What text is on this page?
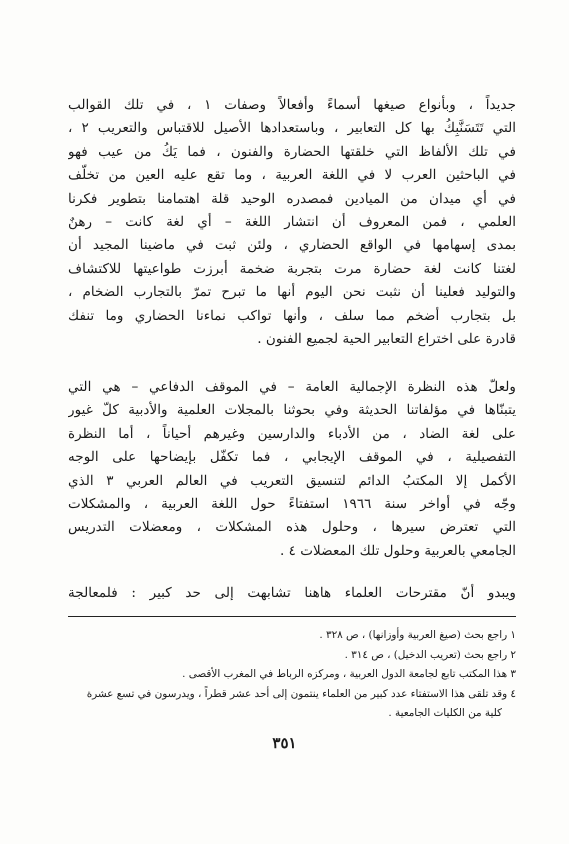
جديداً ، وبأنواع صيغها أسماءً وأفعالاً وصفات ١ ، في تلك القوالب
التي تَتَسَنَّبِكُ بها كل التعابير ، وباستعدادها الأصيل للاقتباس والتعريب ٢ ،
في تلك الألفاظ التي خلقتها الحضارة والفنون ، فما يَكُ من عيب فهو
في الباحثين العرب لا في اللغة العربية ، وما تقع عليه العين من تخلّف
في أي ميدان من الميادين فمصدره الوحيد قلة اهتمامنا بتطوير فكرنا
العلمي ، فمن المعروف أن انتشار اللغة – أي لغة كانت – رهنٌ
بمدى إسهامها في الواقع الحضاري ، ولئن ثبت في ماضينا المجيد أن
لغتنا كانت لغة حضارة مرت بتجربة ضخمة أبرزت طواعيتها للاكتشاف
والتوليد فعلينا أن نثبت نحن اليوم أنها ما تبرح تمرّ بالتجارب الضخام ،
بل بتجارب أضخم مما سلف ، وأنها تواكب نماءنا الحضاري وما تنفك
قادرة على اختراع التعابير الحية لجميع الفنون .
ولعلّ هذه النظرة الإجمالية العامة – في الموقف الدفاعي – هي التي
يتبنّاها في مؤلفاتنا الحديثة وفي بحوثنا بالمجلات العلمية والأدبية كلّ غيور
على لغة الضاد ، من الأدباء والدارسين وغيرهم أحياناً ، أما النظرة
التفصيلية ، في الموقف الإيجابي ، فما تكفّل بإيضاحها على الوجه
الأكمل إلا المكتبُ الدائم لتنسيق التعريب في العالم العربي ٣ الذي
وجّه في أواخر سنة ١٩٦٦ استفتاءً حول اللغة العربية ، والمشكلات
التي تعترض سيرها ، وحلول هذه المشكلات ، ومعضلات التدريس
الجامعي بالعربية وحلول تلك المعضلات ٤ .
ويبدو أنّ مقترحات العلماء هاهنا تشابهت إلى حد كبير : فلمعالجة
١ راجع بحث (صيغ العربية وأوزانها) ، ص ٣٢٨ .
٢ راجع بحث (تعريب الدخيل) ، ص ٣١٤ .
٣ هذا المكتب تابع لجامعة الدول العربية ، ومركزه الرباط في المغرب الأقصى .
٤ وقد تلقى هذا الاستفتاء عدد كبير من العلماء ينتمون إلى أحد عشر قطراً ، ويدرسون في تسع عشرة
كلية من الكليات الجامعية .
٣٥١
